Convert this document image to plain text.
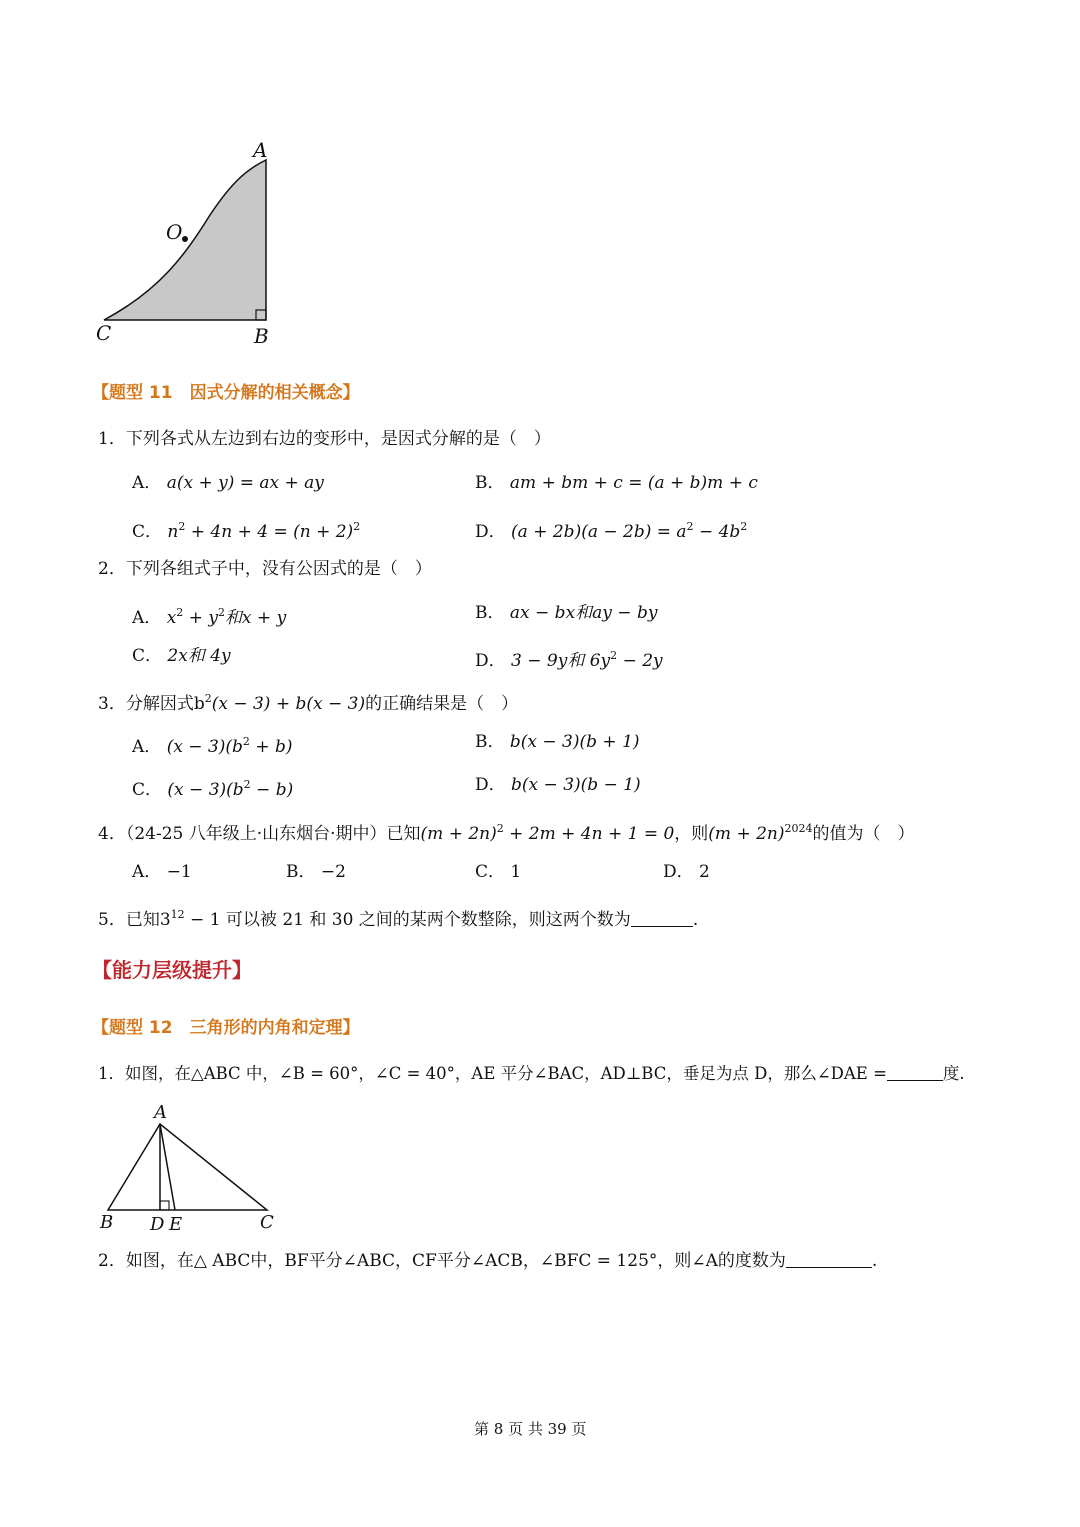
A
O
C	B
【题型 11　因式分解的相关概念】
1．下列各式从左边到右边的变形中，是因式分解的是（　）
A． a(x + y) = ax + ay	B． am + bm + c = (a + b)m + c
C． $n^2 + 4n + 4 = (n + 2)^2$	D． $(a + 2b)(a - 2b) = a^2 - 4b^2$
2．下列各组式子中，没有公因式的是（　）
A． $x^2 + y^2$和x + y	B． ax − bx和ay − by
C． 2x和 4y	D． 3 − 9y和 $6y^2 - 2y$
3．分解因式$b^2(x - 3) + b(x - 3)$的正确结果是（　）
A． $(x - 3)(b^2 + b)$	B． b(x − 3)(b + 1)
C． $(x - 3)(b^2 - b)$	D． b(x − 3)(b − 1)
4．（24-25 八年级上·山东烟台·期中）已知$(m + 2n)^2 + 2m + 4n + 1 = 0$，则$(m + 2n)^{2024}$的值为（　）
A． −1	B． −2	C． 1	D． 2
5．已知$3^{12} - 1$ 可以被 21 和 30 之间的某两个数整除，则这两个数为	.
【能力层级提升】
【题型 12　三角形的内角和定理】
1．如图，在△ABC 中，∠B = 60°，∠C = 40°，AE 平分∠BAC，AD⊥BC，垂足为点 D，那么∠DAE =	度.
A
B D E	C
2．如图，在△ ABC中，BF平分∠ABC，CF平分∠ACB，∠BFC = 125°，则∠A的度数为	.
第 8 页 共 39 页
